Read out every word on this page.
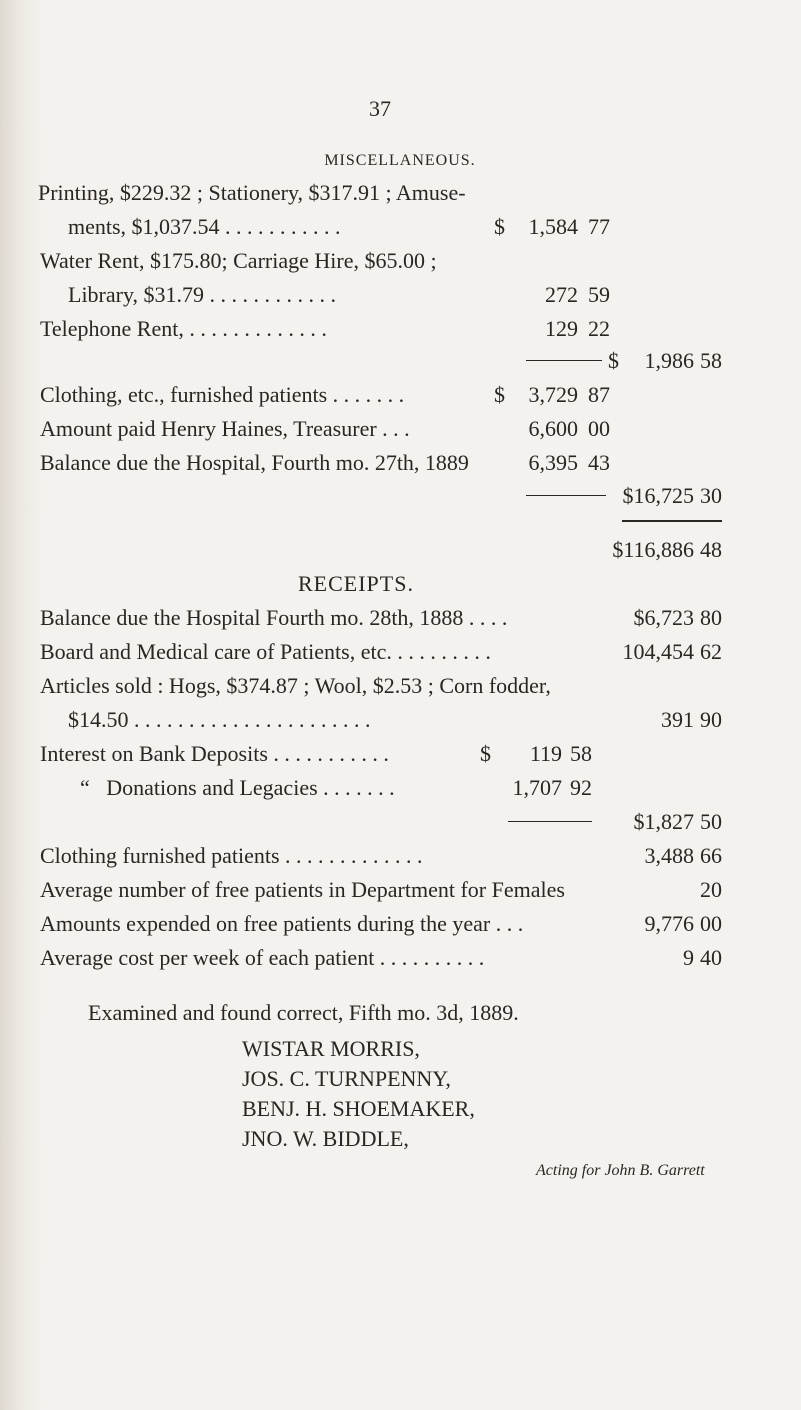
37
MISCELLANEOUS.
Printing, $229.32 ; Stationery, $317.91 ; Amuse-
ments, $1,037.54 . . . . . . . . . . .	$	1,584 77
Water Rent, $175.80; Carriage Hire, $65.00 ;
Library, $31.79 . . . . . . . . . . . .	272 59
Telephone Rent, . . . . . . . . . . . . .	129 22
$	1,986 58
Clothing, etc., furnished patients . . . . . . .	$	3,729 87
Amount paid Henry Haines, Treasurer . . .	6,600 00
Balance due the Hospital, Fourth mo. 27th, 1889	6,395 43
$16,725 30
$116,886 48
RECEIPTS.
Balance due the Hospital Fourth mo. 28th, 1888 . . . .	$6,723 80
Board and Medical care of Patients, etc. . . . . . . . . .	104,454 62
Articles sold : Hogs, $374.87 ; Wool, $2.53 ; Corn fodder,
$14.50 . . . . . . . . . . . . . . . . . . . . . .	391 90
Interest on Bank Deposits . . . . . . . . . . .	$	119 58
“   Donations and Legacies . . . . . . .	1,707 92
$1,827 50
Clothing furnished patients . . . . . . . . . . . . .	3,488 66
Average number of free patients in Department for Females	20
Amounts expended on free patients during the year . . .	9,776 00
Average cost per week of each patient . . . . . . . . . .	9 40
Examined and found correct, Fifth mo. 3d, 1889.
WISTAR MORRIS,
JOS. C. TURNPENNY,
BENJ. H. SHOEMAKER,
JNO. W. BIDDLE,
Acting for John B. Garrett
